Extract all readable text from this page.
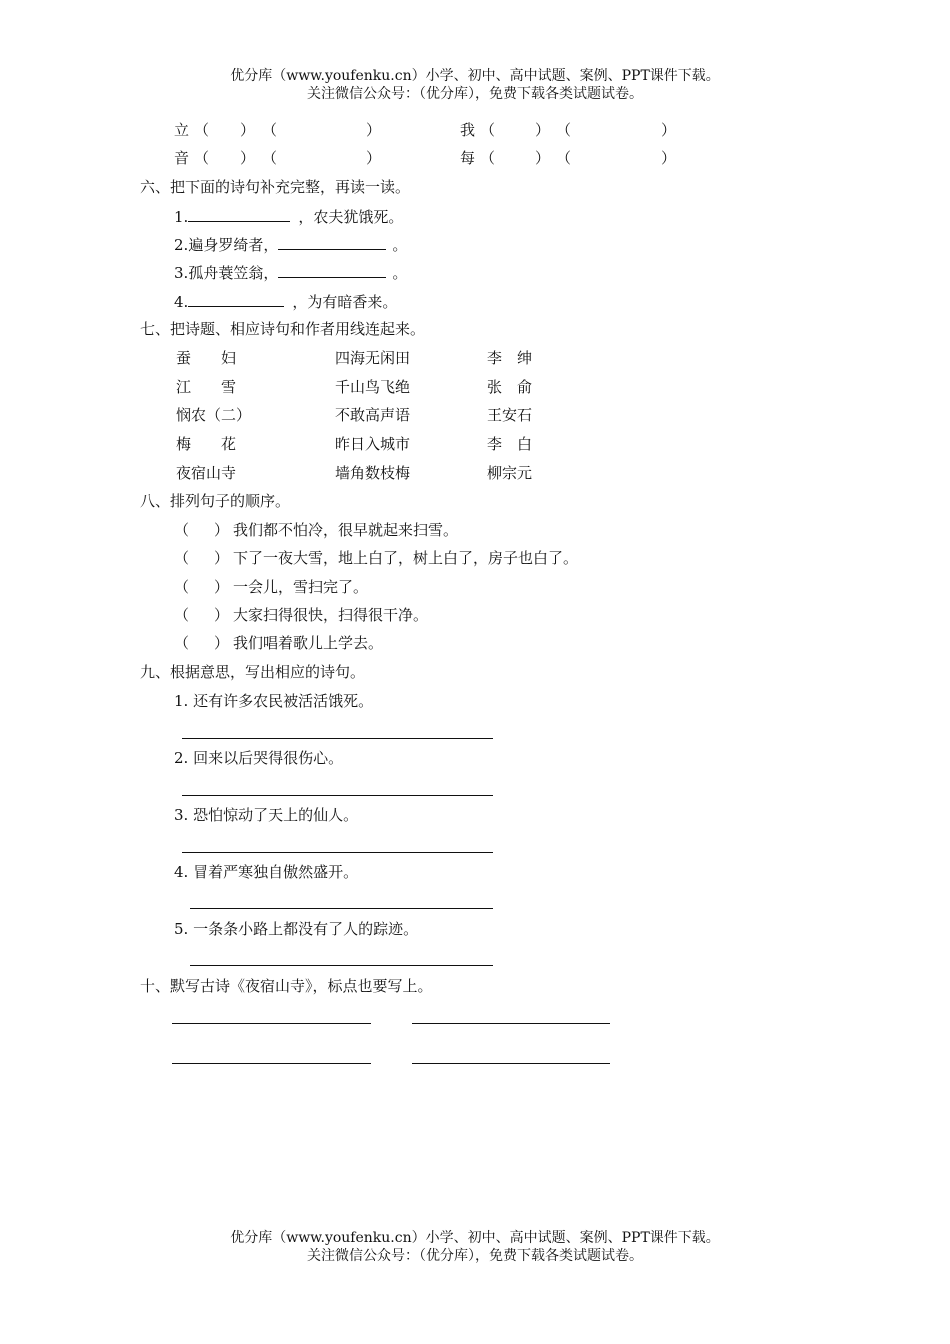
优分库（www.youfenku.cn）小学、初中、高中试题、案例、PPT课件下载。
关注微信公众号：（优分库），免费下载各类试题试卷。
立 （ ） （	）	我 （	） （	）
音 （ ） （	）	每 （	） （	）
六、把下面的诗句补充完整，再读一读。
1.	，农夫犹饿死。
2.遍身罗绮者，	。
3.孤舟蓑笠翁，	。
4.	，为有暗香来。
七、把诗题、相应诗句和作者用线连起来。
蚕　　妇	四海无闲田	李　绅
江　　雪	千山鸟飞绝	张　俞
悯农（二）	不敢高声语	王安石
梅　　花	昨日入城市	李　白
夜宿山寺	墙角数枝梅	柳宗元
八、排列句子的顺序。
（ ） 我们都不怕冷，很早就起来扫雪。
（ ） 下了一夜大雪，地上白了，树上白了，房子也白了。
（ ） 一会儿，雪扫完了。
（ ） 大家扫得很快，扫得很干净。
（ ） 我们唱着歌儿上学去。
九、根据意思，写出相应的诗句。
1. 还有许多农民被活活饿死。
2. 回来以后哭得很伤心。
3. 恐怕惊动了天上的仙人。
4. 冒着严寒独自傲然盛开。
5. 一条条小路上都没有了人的踪迹。
十、默写古诗《夜宿山寺》，标点也要写上。
优分库（www.youfenku.cn）小学、初中、高中试题、案例、PPT课件下载。
关注微信公众号：（优分库），免费下载各类试题试卷。
